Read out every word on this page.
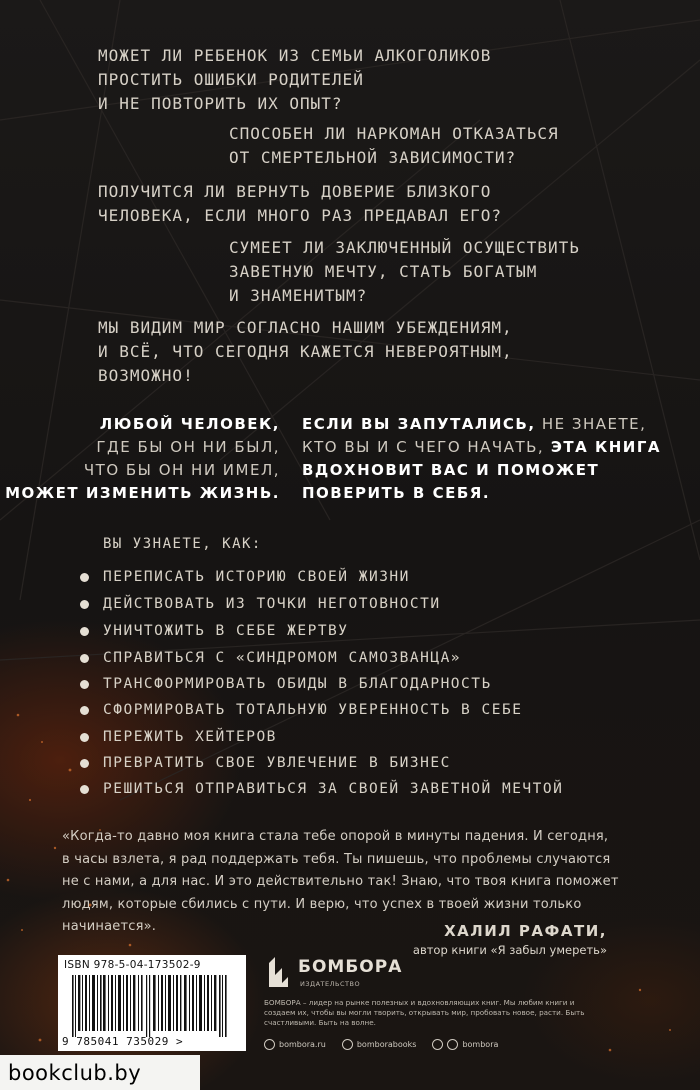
МОЖЕТ ЛИ РЕБЕНОК ИЗ СЕМЬИ АЛКОГОЛИКОВ
ПРОСТИТЬ ОШИБКИ РОДИТЕЛЕЙ
И НЕ ПОВТОРИТЬ ИХ ОПЫТ?
СПОСОБЕН ЛИ НАРКОМАН ОТКАЗАТЬСЯ
ОТ СМЕРТЕЛЬНОЙ ЗАВИСИМОСТИ?
ПОЛУЧИТСЯ ЛИ ВЕРНУТЬ ДОВЕРИЕ БЛИЗКОГО
ЧЕЛОВЕКА, ЕСЛИ МНОГО РАЗ ПРЕДАВАЛ ЕГО?
СУМЕЕТ ЛИ ЗАКЛЮЧЕННЫЙ ОСУЩЕСТВИТЬ
ЗАВЕТНУЮ МЕЧТУ, СТАТЬ БОГАТЫМ
И ЗНАМЕНИТЫМ?
МЫ ВИДИМ МИР СОГЛАСНО НАШИМ УБЕЖДЕНИЯМ,
И ВСЁ, ЧТО СЕГОДНЯ КАЖЕТСЯ НЕВЕРОЯТНЫМ,
ВОЗМОЖНО!
ЛЮБОЙ ЧЕЛОВЕК,
ГДЕ БЫ ОН НИ БЫЛ,
ЧТО БЫ ОН НИ ИМЕЛ,
МОЖЕТ ИЗМЕНИТЬ ЖИЗНЬ.
ЕСЛИ ВЫ ЗАПУТАЛИСЬ, НЕ ЗНАЕТЕ,
КТО ВЫ И С ЧЕГО НАЧАТЬ, ЭТА КНИГА
ВДОХНОВИТ ВАС И ПОМОЖЕТ
ПОВЕРИТЬ В СЕБЯ.
ВЫ УЗНАЕТЕ, КАК:
ПЕРЕПИСАТЬ ИСТОРИЮ СВОЕЙ ЖИЗНИ
ДЕЙСТВОВАТЬ ИЗ ТОЧКИ НЕГОТОВНОСТИ
УНИЧТОЖИТЬ В СЕБЕ ЖЕРТВУ
СПРАВИТЬСЯ С «СИНДРОМОМ САМОЗВАНЦА»
ТРАНСФОРМИРОВАТЬ ОБИДЫ В БЛАГОДАРНОСТЬ
СФОРМИРОВАТЬ ТОТАЛЬНУЮ УВЕРЕННОСТЬ В СЕБЕ
ПЕРЕЖИТЬ ХЕЙТЕРОВ
ПРЕВРАТИТЬ СВОЕ УВЛЕЧЕНИЕ В БИЗНЕС
РЕШИТЬСЯ ОТПРАВИТЬСЯ ЗА СВОЕЙ ЗАВЕТНОЙ МЕЧТОЙ
«Когда-то давно моя книга стала тебе опорой в минуты падения. И сегодня,
в часы взлета, я рад поддержать тебя. Ты пишешь, что проблемы случаются
не с нами, а для нас. И это действительно так! Знаю, что твоя книга поможет
людям, которые сбились с пути. И верю, что успех в твоей жизни только
начинается».	ХАЛИЛ РАФАТИ,
автор книги «Я забыл умереть»
ISBN 978-5-04-173502-9
9 785041 735029 >
БОМБОРА
ИЗДАТЕЛЬСТВО
БОМБОРА – лидер на рынке полезных и вдохновляющих книг. Мы любим книги и создаем их, чтобы вы могли творить, открывать мир, пробовать новое, расти. Быть счастливыми. Быть на волне.
bombora.ru	bomborabooks	bombora
bookclub.by
